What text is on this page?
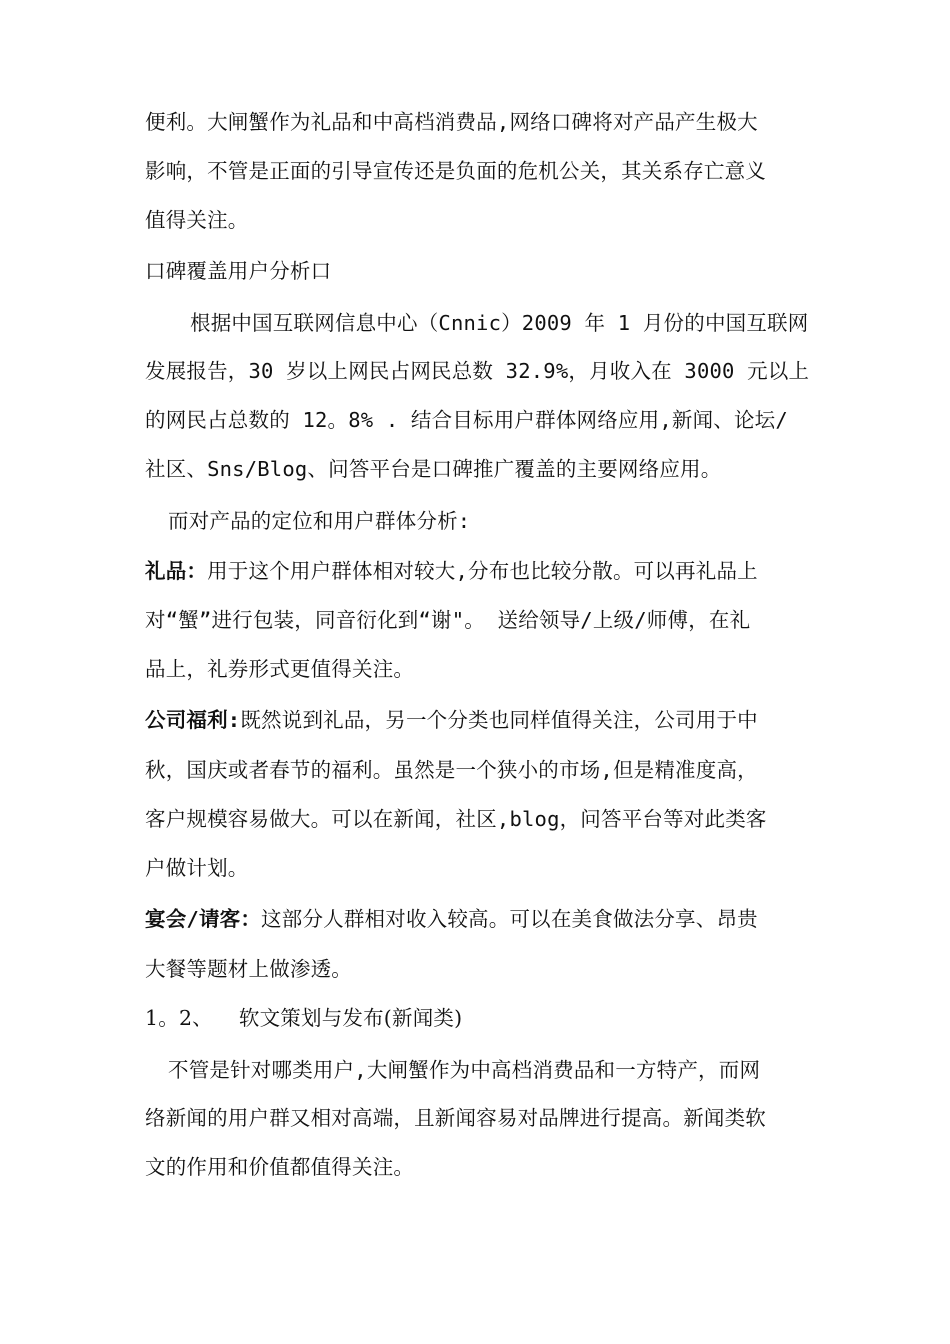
便利。大闸蟹作为礼品和中高档消费品,网络口碑将对产品产生极大
影响，不管是正面的引导宣传还是负面的危机公关，其关系存亡意义
值得关注。
口碑覆盖用户分析口
根据中国互联网信息中心（Cnnic）2009 年 1 月份的中国互联网
发展报告，30 岁以上网民占网民总数 32.9%，月收入在 3000 元以上
的网民占总数的 12。8% . 结合目标用户群体网络应用,新闻、论坛/
社区、Sns/Blog、问答平台是口碑推广覆盖的主要网络应用。
而对产品的定位和用户群体分析:
礼品：用于这个用户群体相对较大,分布也比较分散。可以再礼品上
对“蟹”进行包装，同音衍化到“谢"。 送给领导/上级/师傅，在礼
品上，礼券形式更值得关注。
公司福利:既然说到礼品，另一个分类也同样值得关注，公司用于中
秋，国庆或者春节的福利。虽然是一个狭小的市场,但是精准度高，
客户规模容易做大。可以在新闻，社区,blog，问答平台等对此类客
户做计划。
宴会/请客：这部分人群相对收入较高。可以在美食做法分享、昂贵
大餐等题材上做渗透。
1。2、 软文策划与发布(新闻类)
不管是针对哪类用户,大闸蟹作为中高档消费品和一方特产，而网
络新闻的用户群又相对高端，且新闻容易对品牌进行提高。新闻类软
文的作用和价值都值得关注。
